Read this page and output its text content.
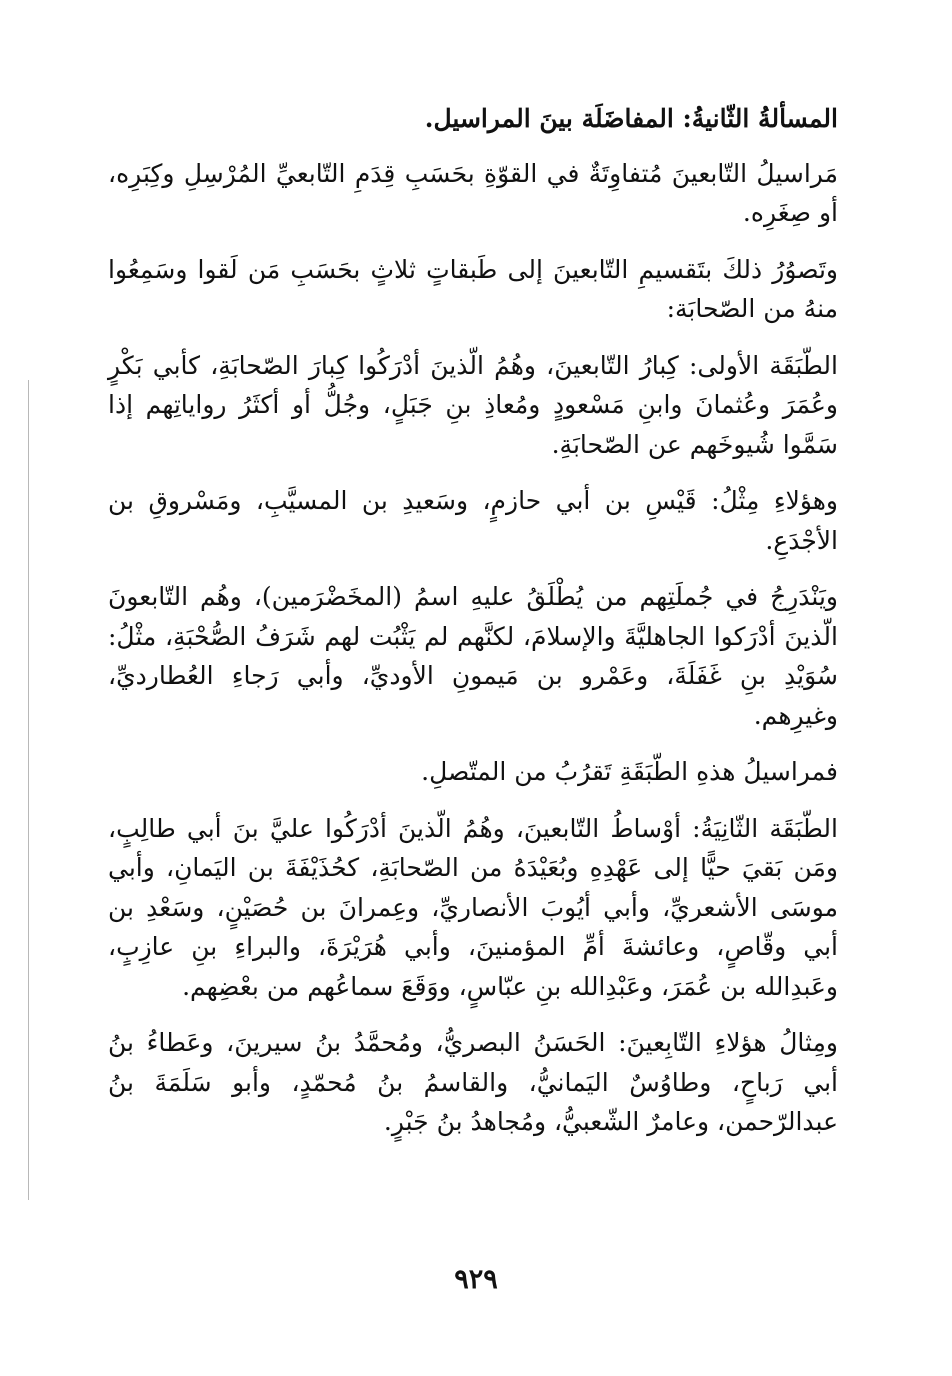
المسألةُ الثّانيةُ: المفاضَلَة بينَ المراسيل.

مَراسيلُ التّابعينَ مُتفاوِتَةٌ في القوّةِ بحَسَبِ قِدَمِ التّابعيِّ المُرْسِلِ وكِبَرِه، أو صِغَرِه.

وتَصوُرُ ذلكَ بتَقسيمِ التّابعينَ إلى طَبقاتٍ ثلاثٍ بحَسَبِ مَن لَقوا وسَمِعُوا منهُ من الصّحابَة:

الطّبَقَة الأولى: كِبارُ التّابعينَ، وهُمُ الّذينَ أدْرَكُوا كِبارَ الصّحابَةِ، كأبي بَكْرٍ وعُمَرَ وعُثمانَ وابنِ مَسْعودٍ ومُعاذِ بنِ جَبَلٍ، وجُلُّ أو أكثَرُ رواياتِهم إذا سَمَّوا شُيوخَهم عن الصّحابَةِ.

وهؤلاءِ مِثْلُ: قَيْسِ بن أبي حازمٍ، وسَعيدِ بن المسيَّبِ، ومَسْروقِ بن الأجْدَعِ.

ويَنْدَرِجُ في جُملَتِهم من يُطْلَقُ عليهِ اسمُ (المخَضْرَمين)، وهُم التّابعونَ الّذينَ أدْرَكوا الجاهليَّةَ والإسلامَ، لكنَّهم لم يَثْبُت لهم شَرَفُ الصُّحْبَةِ، مثْلُ: سُوَيْدِ بنِ غَفَلَةَ، وعَمْرو بن مَيمونِ الأوديِّ، وأبي رَجاءِ العُطارديِّ، وغيرِهم.

فمراسيلُ هذهِ الطّبَقَةِ تَقرُبُ من المتّصلِ.

الطّبَقَة الثّانِيَةُ: أوْساطُ التّابعينَ، وهُمُ الّذينَ أدْرَكُوا عليَّ بنَ أبي طالِبٍ، ومَن بَقيَ حيًّا إلى عَهْدِهِ وبُعَيْدَهُ من الصّحابَةِ، كحُذَيْفَةَ بن اليَمانِ، وأبي موسَى الأشعريِّ، وأبي أيُوبَ الأنصاريِّ، وعِمرانَ بن حُصَيْنٍ، وسَعْدِ بن أبي وقّاصٍ، وعائشةَ أمِّ المؤمنينَ، وأبي هُرَيْرَةَ، والبراءِ بنِ عازِبٍ، وعَبدِالله بن عُمَرَ، وعَبْدِالله بنِ عبّاسٍ، ووَقَعَ سماعُهم من بعْضِهم.

ومِثالُ هؤلاءِ التّابِعينَ: الحَسَنُ البصريُّ، ومُحمَّدُ بنُ سيرينَ، وعَطاءُ بنُ أبي رَباحٍ، وطاوُسٌ اليَمانيُّ، والقاسمُ بنُ مُحمّدٍ، وأبو سَلَمَةَ بنُ عبدالرّحمن، وعامرٌ الشّعبيُّ، ومُجاهدُ بنُ جَبْرٍ.

٩٢٩
